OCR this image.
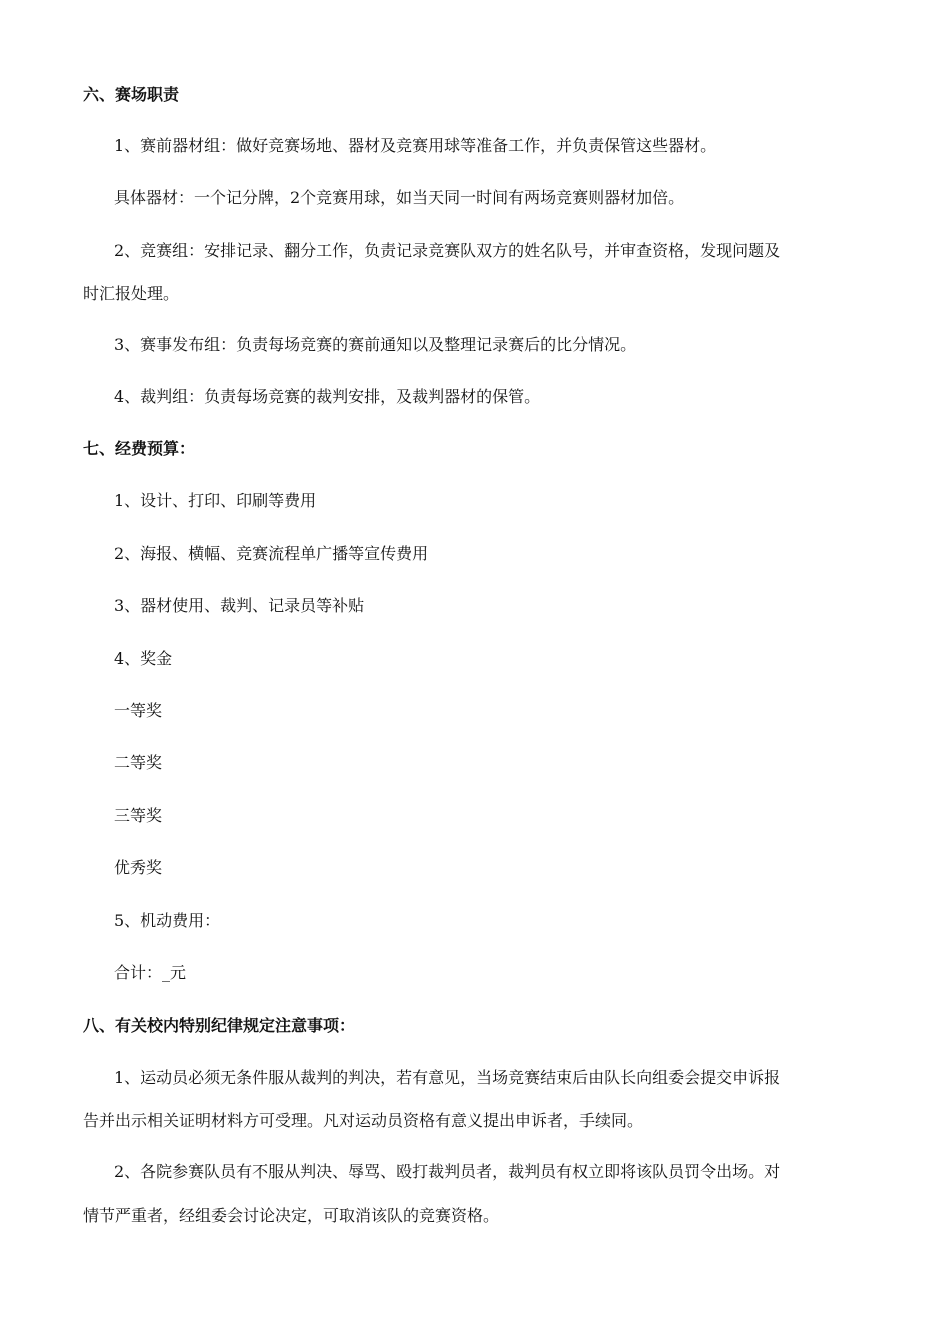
六、赛场职责
1、赛前器材组：做好竞赛场地、器材及竞赛用球等准备工作，并负责保管这些器材。
具体器材：一个记分牌，2个竞赛用球，如当天同一时间有两场竞赛则器材加倍。
2、竞赛组：安排记录、翻分工作，负责记录竞赛队双方的姓名队号，并审查资格，发现问题及
时汇报处理。
3、赛事发布组：负责每场竞赛的赛前通知以及整理记录赛后的比分情况。
4、裁判组：负责每场竞赛的裁判安排，及裁判器材的保管。
七、经费预算：
1、设计、打印、印刷等费用
2、海报、横幅、竞赛流程单广播等宣传费用
3、器材使用、裁判、记录员等补贴
4、奖金
一等奖
二等奖
三等奖
优秀奖
5、机动费用：
合计：_元
八、有关校内特别纪律规定注意事项：
1、运动员必须无条件服从裁判的判决，若有意见，当场竞赛结束后由队长向组委会提交申诉报
告并出示相关证明材料方可受理。凡对运动员资格有意义提出申诉者，手续同。
2、各院参赛队员有不服从判决、辱骂、殴打裁判员者，裁判员有权立即将该队员罚令出场。对
情节严重者，经组委会讨论决定，可取消该队的竞赛资格。
